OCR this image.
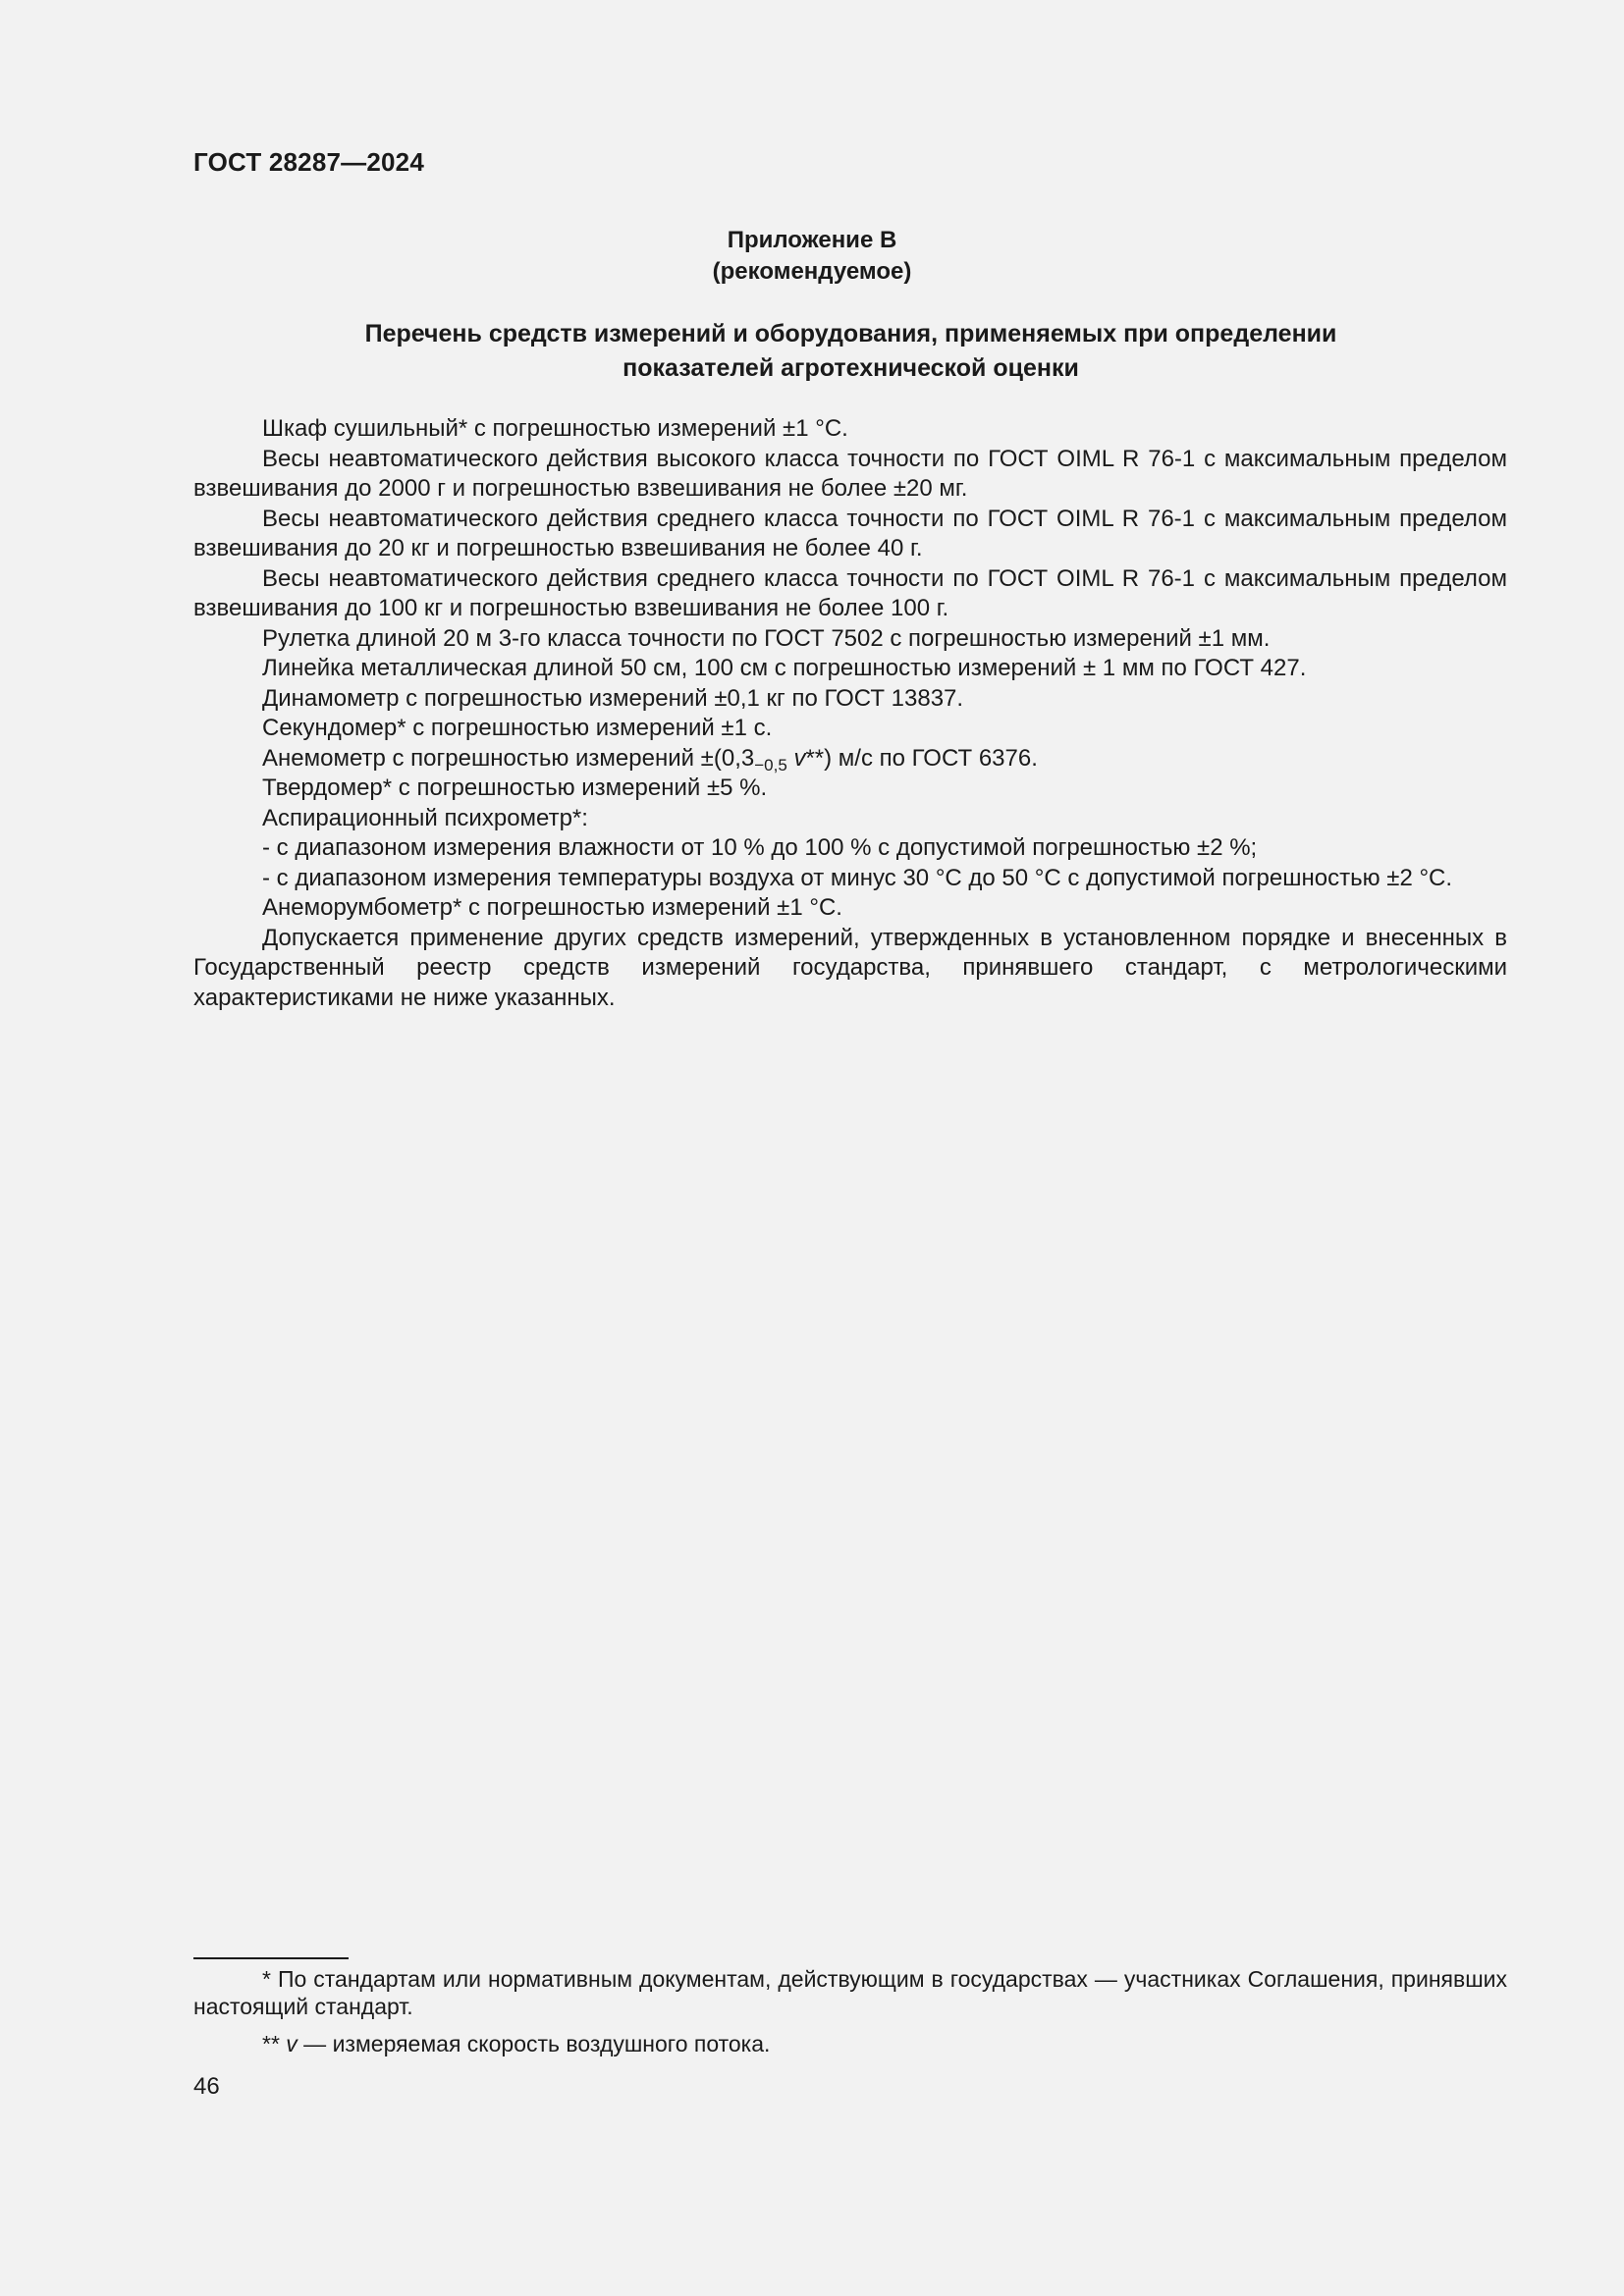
ГОСТ 28287—2024
Приложение В
(рекомендуемое)
Перечень средств измерений и оборудования, применяемых при определении
показателей агротехнической оценки

Шкаф сушильный* с погрешностью измерений ±1 °С.

Весы неавтоматического действия высокого класса точности по ГОСТ OIML R 76-1 с максимальным пределом взвешивания до 2000 г и погрешностью взвешивания не более ±20 мг.

Весы неавтоматического действия среднего класса точности по ГОСТ OIML R 76-1 с максимальным пределом взвешивания до 20 кг и погрешностью взвешивания не более 40 г.

Весы неавтоматического действия среднего класса точности по ГОСТ OIML R 76-1 с максимальным пределом взвешивания до 100 кг и погрешностью взвешивания не более 100 г.

Рулетка длиной 20 м 3-го класса точности по ГОСТ 7502 с погрешностью измерений ±1 мм.

Линейка металлическая длиной 50 см, 100 см с погрешностью измерений ± 1 мм по ГОСТ 427.

Динамометр с погрешностью измерений ±0,1 кг по ГОСТ 13837.

Секундомер* с погрешностью измерений ±1 с.

Анемометр с погрешностью измерений $\pm(0,3_{-0,5}$ v**) м/с по ГОСТ 6376.

Твердомер* с погрешностью измерений ±5 %.

Аспирационный психрометр*:

- с диапазоном измерения влажности от 10 % до 100 % с допустимой погрешностью ±2 %;

- с диапазоном измерения температуры воздуха от минус 30 °С до 50 °С с допустимой погрешностью ±2 °С.

Анеморумбометр* с погрешностью измерений ±1 °С.

Допускается применение других средств измерений, утвержденных в установленном порядке и внесенных в Государственный реестр средств измерений государства, принявшего стандарт, с метрологическими характеристиками не ниже указанных.

* По стандартам или нормативным документам, действующим в государствах — участниках Соглашения, принявших настоящий стандарт.

** v — измеряемая скорость воздушного потока.

46
